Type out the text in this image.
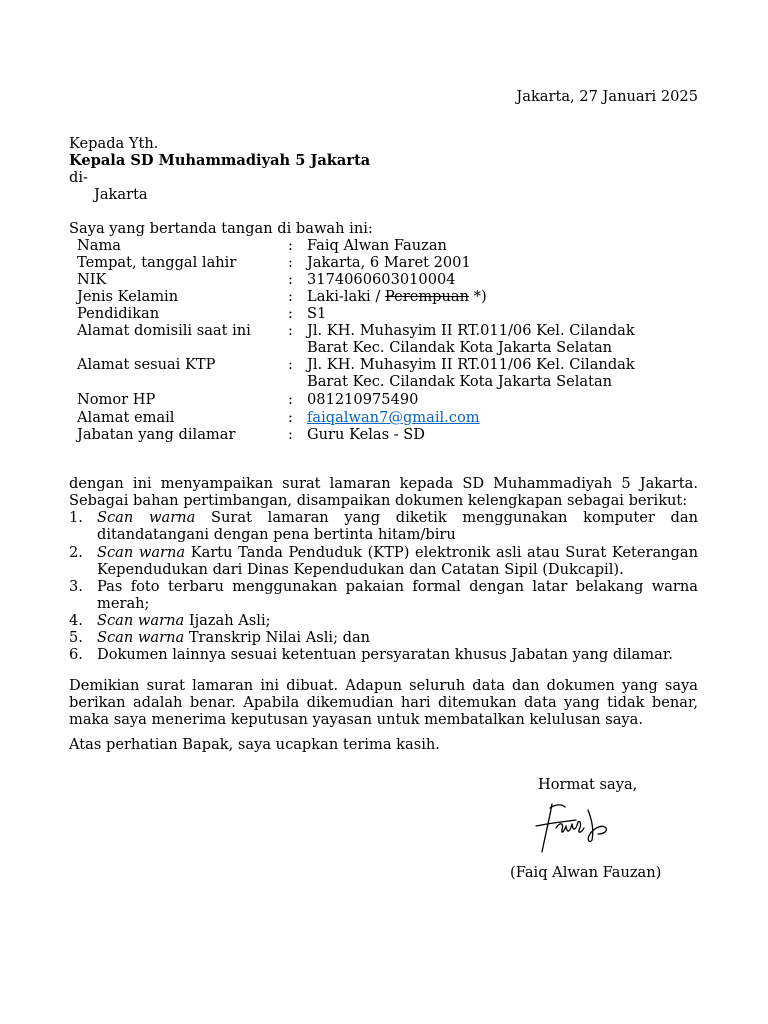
Jakarta, 27 Januari 2025
Kepada Yth.
Kepala SD Muhammadiyah 5 Jakarta
di-
Jakarta
Saya yang bertanda tangan di bawah ini:
Nama	: Faiq Alwan Fauzan
Tempat, tanggal lahir	: Jakarta, 6 Maret 2001
NIK	: 3174060603010004
Jenis Kelamin	: Laki-laki / Perempuan *)
Pendidikan	: S1
Alamat domisili saat ini	: Jl. KH. Muhasyim II RT.011/06 Kel. Cilandak
Barat Kec. Cilandak Kota Jakarta Selatan
Alamat sesuai KTP	: Jl. KH. Muhasyim II RT.011/06 Kel. Cilandak
Barat Kec. Cilandak Kota Jakarta Selatan
Nomor HP	: 081210975490
Alamat email	: faiqalwan7@gmail.com
Jabatan yang dilamar	: Guru Kelas - SD
dengan ini menyampaikan surat lamaran kepada SD Muhammadiyah 5 Jakarta.
Sebagai bahan pertimbangan, disampaikan dokumen kelengkapan sebagai berikut:
1. Scan warna Surat lamaran yang diketik menggunakan komputer dan
ditandatangani dengan pena bertinta hitam/biru
2. Scan warna Kartu Tanda Penduduk (KTP) elektronik asli atau Surat Keterangan
Kependudukan dari Dinas Kependudukan dan Catatan Sipil (Dukcapil).
3. Pas foto terbaru menggunakan pakaian formal dengan latar belakang warna
merah;
4. Scan warna Ijazah Asli;
5. Scan warna Transkrip Nilai Asli; dan
6. Dokumen lainnya sesuai ketentuan persyaratan khusus Jabatan yang dilamar.
Demikian surat lamaran ini dibuat. Adapun seluruh data dan dokumen yang saya
berikan adalah benar. Apabila dikemudian hari ditemukan data yang tidak benar,
maka saya menerima keputusan yayasan untuk membatalkan kelulusan saya.
Atas perhatian Bapak, saya ucapkan terima kasih.
Hormat saya,
(Faiq Alwan Fauzan)
